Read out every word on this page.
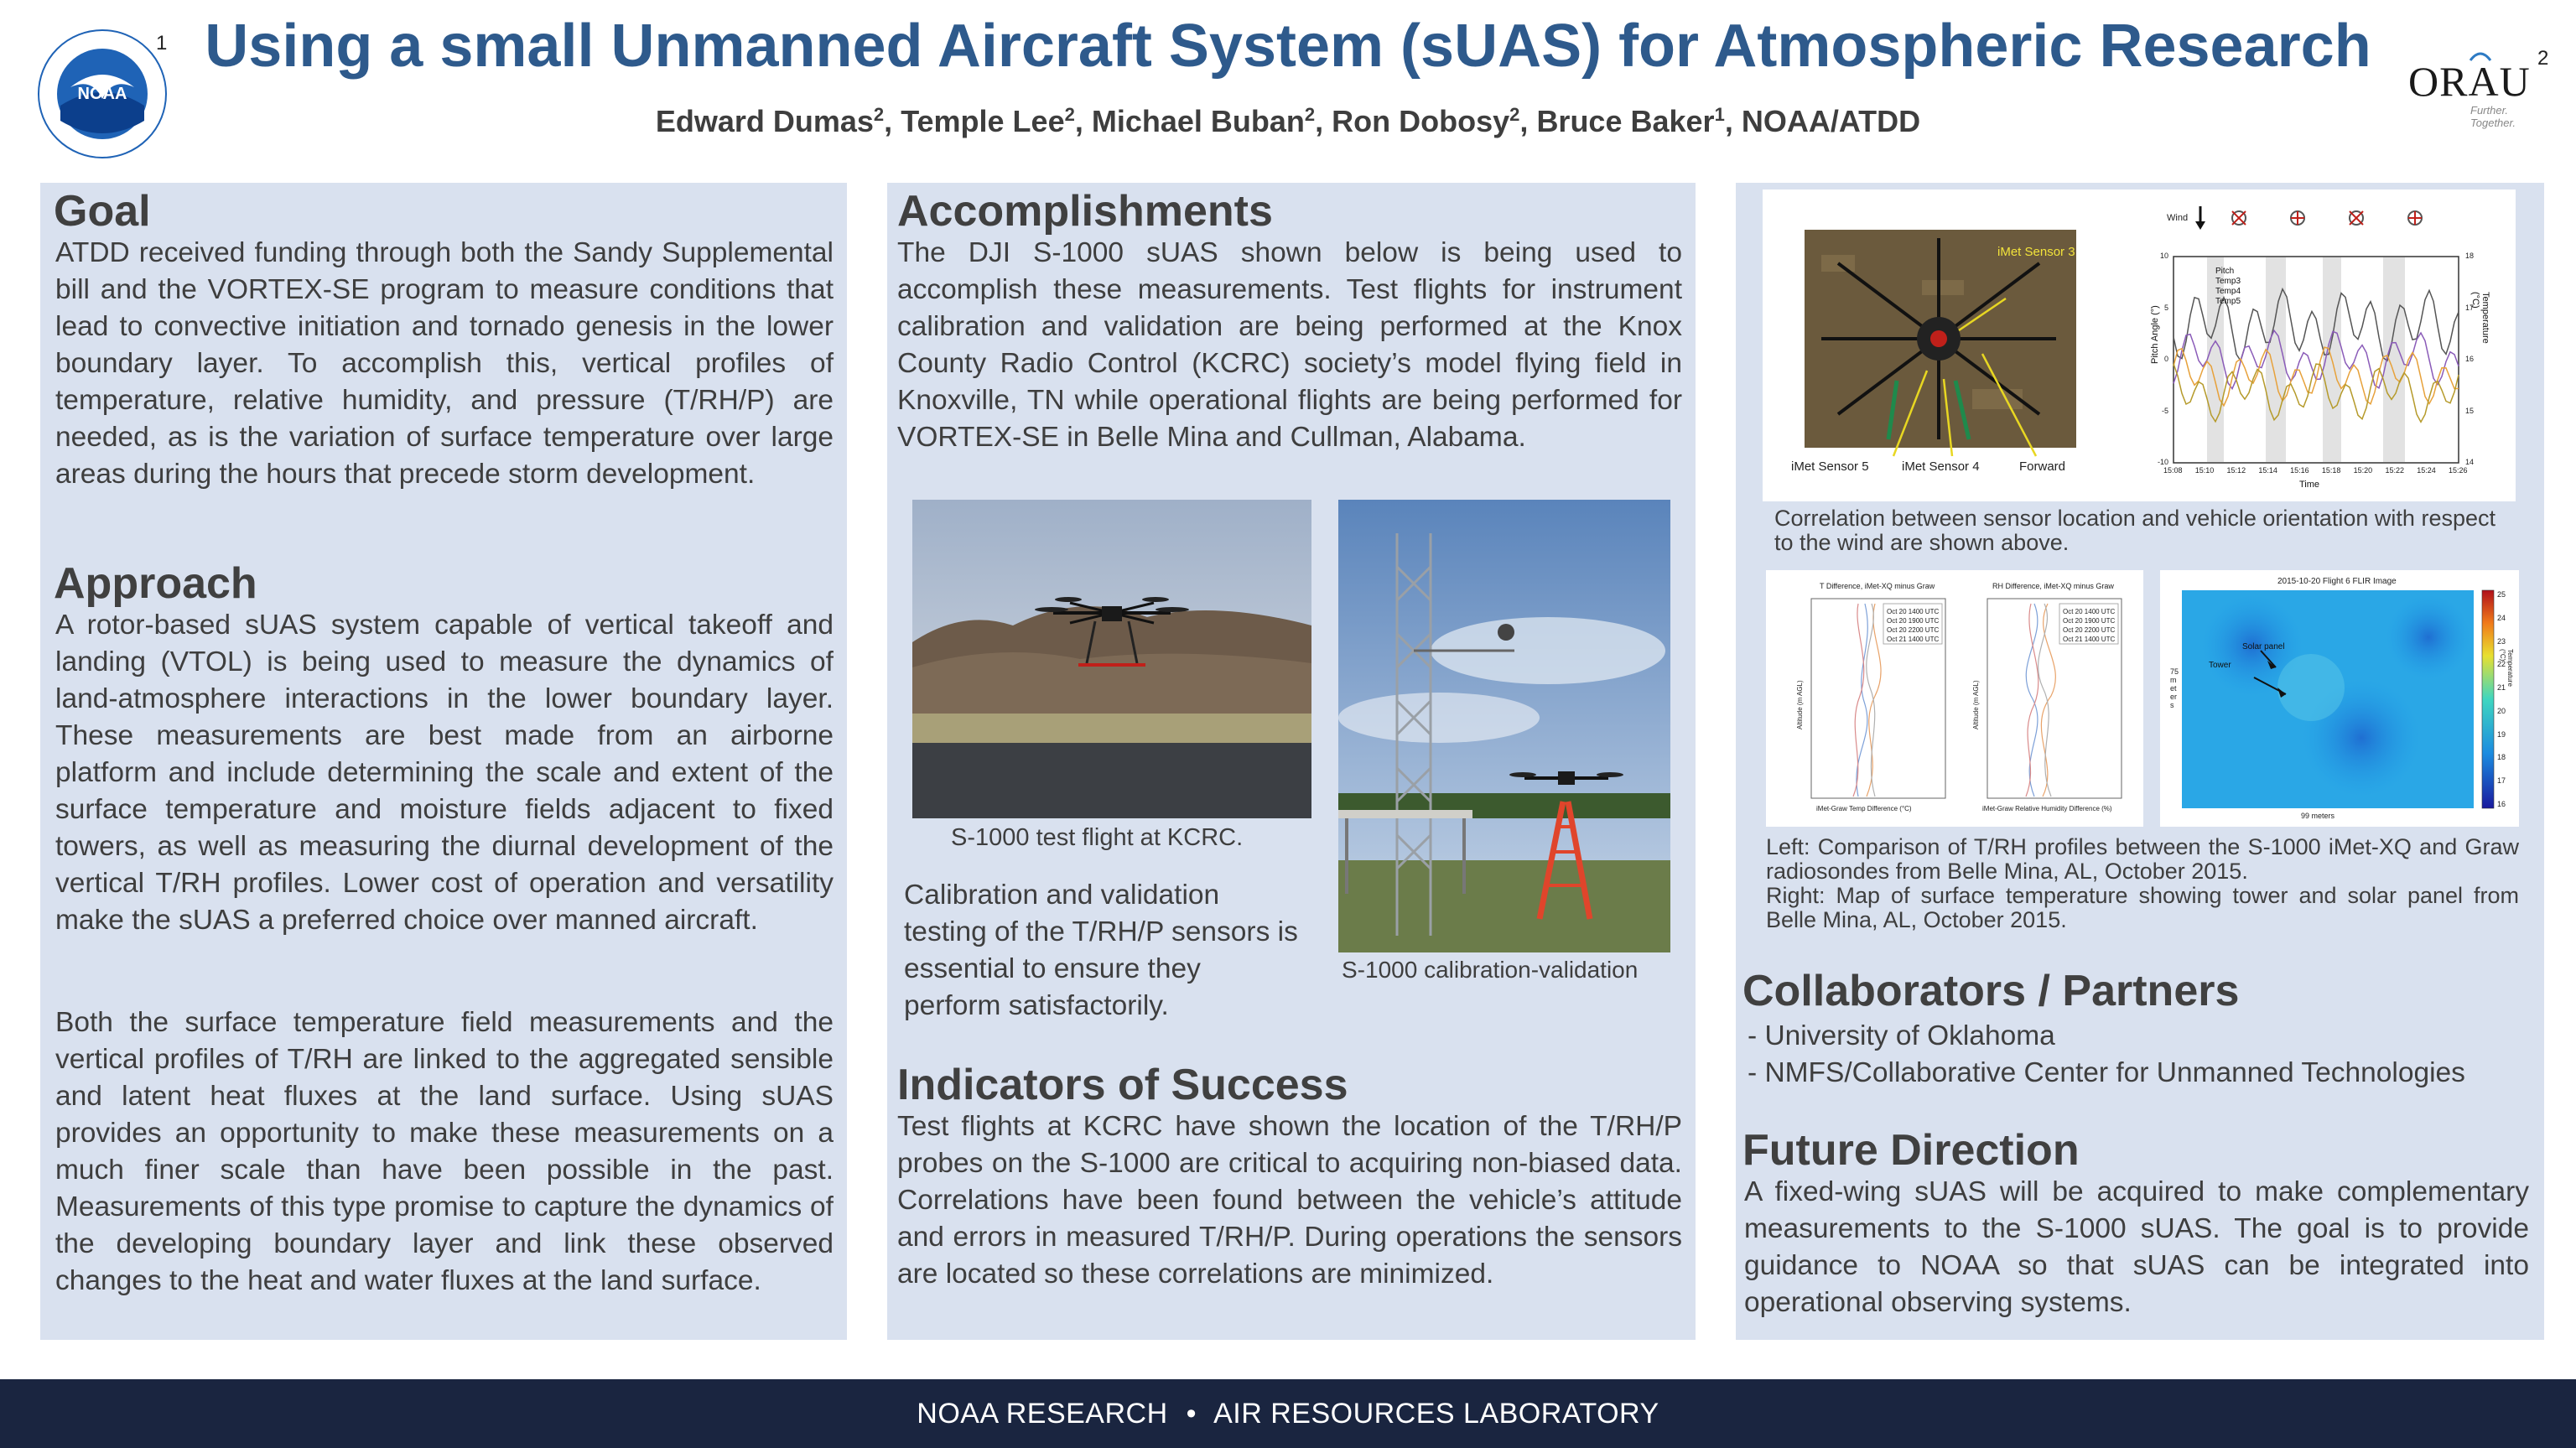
NOAA
1 Using a small Unmanned Aircraft System (sUAS) for Atmospheric Research
Edward Dumas$^2$, Temple Lee$^2$, Michael Buban$^2$, Ron Dobosy$^2$, Bruce Baker$^1$, NOAA/ATDD
ORAU
Further. Together.
2
Goal

ATDD received funding through both the Sandy Supplemental bill and the VORTEX-SE program to measure conditions that lead to convective initiation and tornado genesis in the lower boundary layer. To accomplish this, vertical profiles of temperature, relative humidity, and pressure (T/RH/P) are needed, as is the variation of surface temperature over large areas during the hours that precede storm development.

Approach

A rotor-based sUAS system capable of vertical takeoff and landing (VTOL) is being used to measure the dynamics of land-atmosphere interactions in the lower boundary layer. These measurements are best made from an airborne platform and include determining the scale and extent of the surface temperature and moisture fields adjacent to fixed towers, as well as measuring the diurnal development of the vertical T/RH profiles. Lower cost of operation and versatility make the sUAS a preferred choice over manned aircraft.

Both the surface temperature field measurements and the vertical profiles of T/RH are linked to the aggregated sensible and latent heat fluxes at the land surface. Using sUAS provides an opportunity to make these measurements on a much finer scale than have been possible in the past. Measurements of this type promise to capture the dynamics of the developing boundary layer and link these observed changes to the heat and water fluxes at the land surface.

Accomplishments

The DJI S-1000 sUAS shown below is being used to accomplish these measurements. Test flights for instrument calibration and validation are being performed at the Knox County Radio Control (KCRC) society’s model flying field in Knoxville, TN while operational flights are being performed for VORTEX-SE in Belle Mina and Cullman, Alabama.

S-1000 test flight at KCRC.

Calibration and validation testing of the T/RH/P sensors is essential to ensure they perform satisfactorily.

S-1000 calibration-validation
Indicators of Success

Test flights at KCRC have shown the location of the T/RH/P probes on the S-1000 are critical to acquiring non-biased data. Correlations have been found between the vehicle’s attitude and errors in measured T/RH/P. During operations the sensors are located so these correlations are minimized.

iMet Sensor 3
iMet Sensor 5	iMet Sensor 4	Forward
Wind
Pitch
Temp3
Temp4
Temp5
Pitch Angle (°)	Temperature (°C)
Time
15:08 15:10 15:12 15:14 15:16 15:18 15:20 15:22 15:24 15:26
10
5
0
-5
-10
18
17
16
15
14

Correlation between sensor location and vehicle orientation with respect to the wind are shown above.

T Difference, iMet-XQ minus Graw	RH Difference, iMet-XQ minus Graw
iMet-Graw Temp Difference (°C)	iMet-Graw Relative Humidity Difference (%)
Altitude (m AGL)	Altitude (m AGL)
Oct 20 1400 UTC
Oct 20 1900 UTC
Oct 20 2200 UTC
Oct 21 1400 UTC
Oct 20 1400 UTC
Oct 20 1900 UTC
Oct 20 2200 UTC
Oct 21 1400 UTC
2015-10-20 Flight 6 FLIR Image
Solar panel
Tower
99 meters
75 meters
Temperature (°C)
25
24
23
22
21
20
19
18
17
16

Left: Comparison of T/RH profiles between the S-1000 iMet-XQ and Graw radiosondes from Belle Mina, AL, October 2015.

Right: Map of surface temperature showing tower and solar panel from Belle Mina, AL, October 2015.

Collaborators / Partners
- University of Oklahoma
- NMFS/Collaborative Center for Unmanned Technologies
Future Direction

A fixed-wing sUAS will be acquired to make complementary measurements to the S-1000 sUAS. The goal is to provide guidance to NOAA so that sUAS can be integrated into operational observing systems.

NOAA RESEARCH • AIR RESOURCES LABORATORY
